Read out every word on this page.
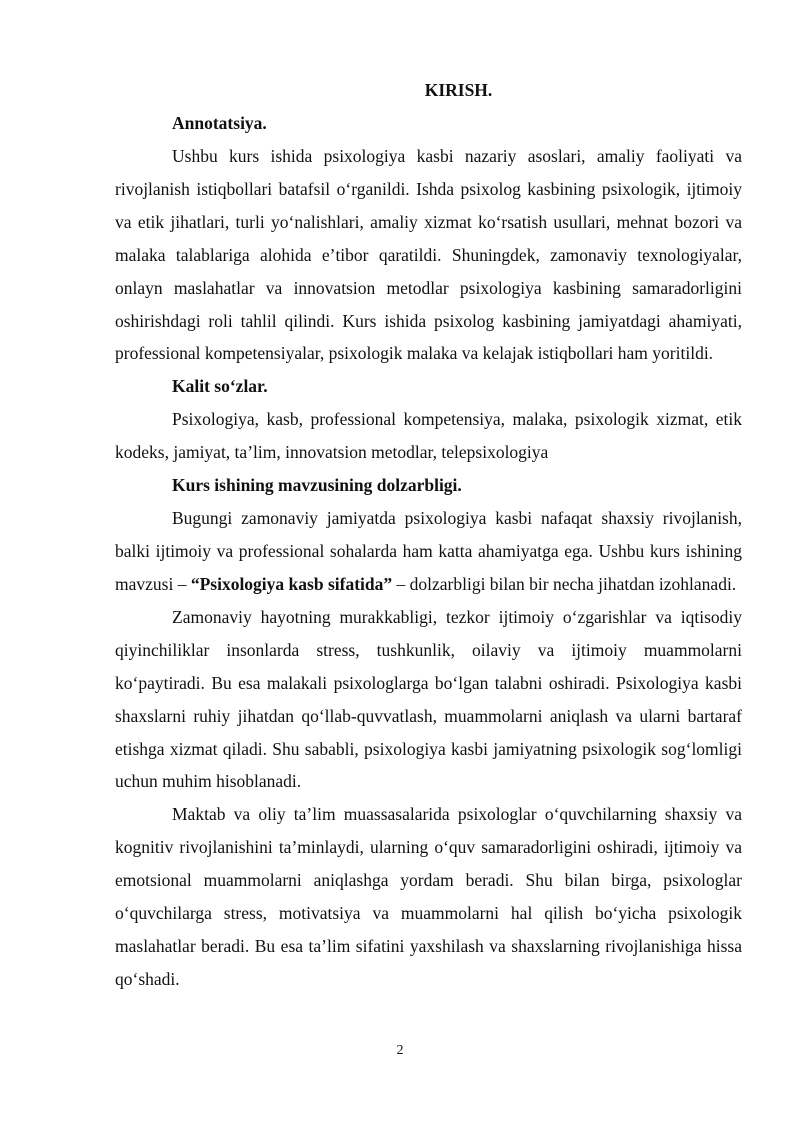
KIRISH.

Annotatsiya.

Ushbu kurs ishida psixologiya kasbi nazariy asoslari, amaliy faoliyati va rivojlanish istiqbollari batafsil oʻrganildi. Ishda psixolog kasbining psixologik, ijtimoiy va etik jihatlari, turli yoʻnalishlari, amaliy xizmat koʻrsatish usullari, mehnat bozori va malaka talablariga alohida eʼtibor qaratildi. Shuningdek, zamonaviy texnologiyalar, onlayn maslahatlar va innovatsion metodlar psixologiya kasbining samaradorligini oshirishdagi roli tahlil qilindi. Kurs ishida psixolog kasbining jamiyatdagi ahamiyati, professional kompetensiyalar, psixologik malaka va kelajak istiqbollari ham yoritildi.

Kalit soʻzlar.

Psixologiya, kasb, professional kompetensiya, malaka, psixologik xizmat, etik kodeks, jamiyat, taʼlim, innovatsion metodlar, telepsixologiya

Kurs ishining mavzusining dolzarbligi.

Bugungi zamonaviy jamiyatda psixologiya kasbi nafaqat shaxsiy rivojlanish, balki ijtimoiy va professional sohalarda ham katta ahamiyatga ega. Ushbu kurs ishining mavzusi – “Psixologiya kasb sifatida” – dolzarbligi bilan bir necha jihatdan izohlanadi.

Zamonaviy hayotning murakkabligi, tezkor ijtimoiy oʻzgarishlar va iqtisodiy qiyinchiliklar insonlarda stress, tushkunlik, oilaviy va ijtimoiy muammolarni koʻpaytiradi. Bu esa malakali psixologlarga boʻlgan talabni oshiradi. Psixologiya kasbi shaxslarni ruhiy jihatdan qoʻllab-quvvatlash, muammolarni aniqlash va ularni bartaraf etishga xizmat qiladi. Shu sababli, psixologiya kasbi jamiyatning psixologik sogʻlomligi uchun muhim hisoblanadi.

Maktab va oliy taʼlim muassasalarida psixologlar oʻquvchilarning shaxsiy va kognitiv rivojlanishini taʼminlaydi, ularning oʻquv samaradorligini oshiradi, ijtimoiy va emotsional muammolarni aniqlashga yordam beradi. Shu bilan birga, psixologlar oʻquvchilarga stress, motivatsiya va muammolarni hal qilish boʻyicha psixologik maslahatlar beradi. Bu esa taʼlim sifatini yaxshilash va shaxslarning rivojlanishiga hissa qoʻshadi.

2
